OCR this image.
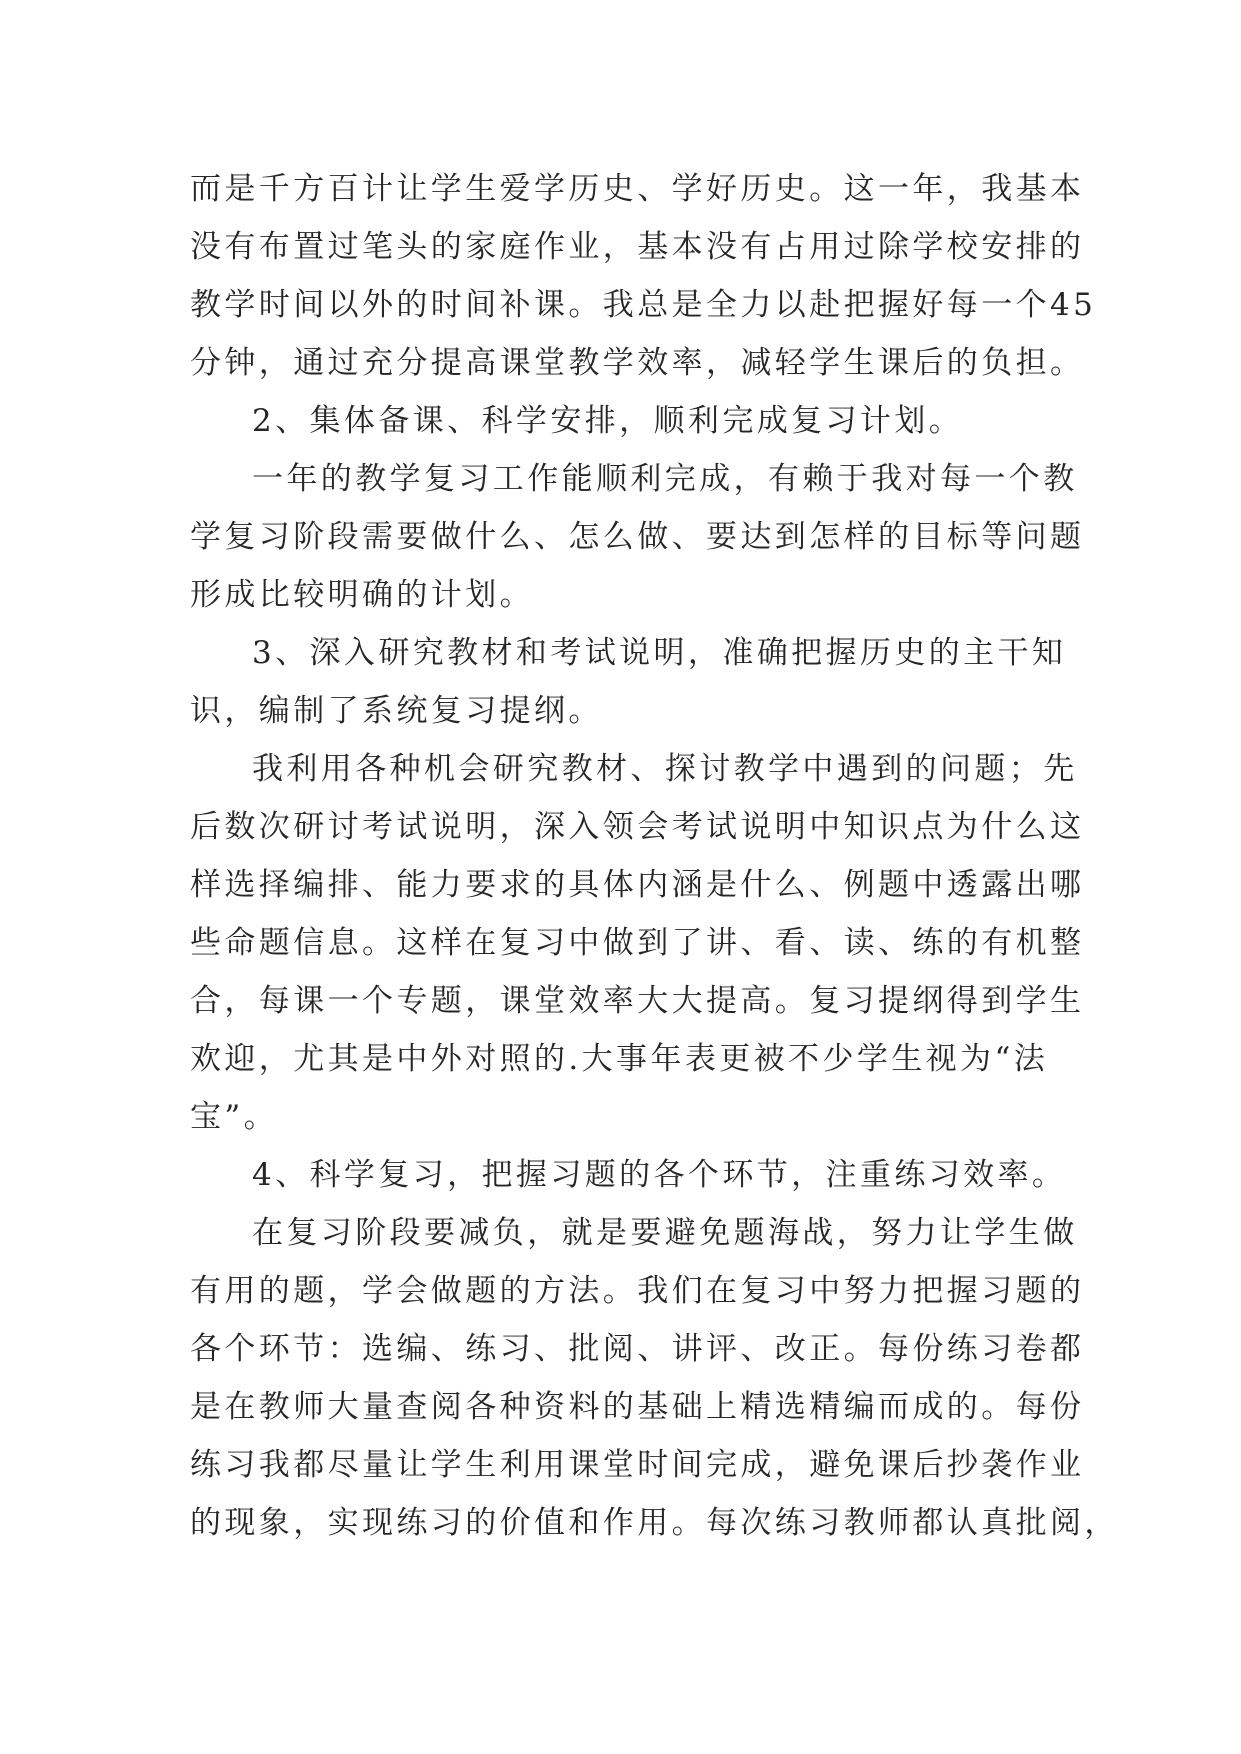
而是千方百计让学生爱学历史、学好历史。这一年，我基本
没有布置过笔头的家庭作业，基本没有占用过除学校安排的
教学时间以外的时间补课。我总是全力以赴把握好每一个45
分钟，通过充分提高课堂教学效率，减轻学生课后的负担。
2、集体备课、科学安排，顺利完成复习计划。
一年的教学复习工作能顺利完成，有赖于我对每一个教
学复习阶段需要做什么、怎么做、要达到怎样的目标等问题
形成比较明确的计划。
3、深入研究教材和考试说明，准确把握历史的主干知
识，编制了系统复习提纲。
我利用各种机会研究教材、探讨教学中遇到的问题；先
后数次研讨考试说明，深入领会考试说明中知识点为什么这
样选择编排、能力要求的具体内涵是什么、例题中透露出哪
些命题信息。这样在复习中做到了讲、看、读、练的有机整
合，每课一个专题，课堂效率大大提高。复习提纲得到学生
欢迎，尤其是中外对照的.大事年表更被不少学生视为“法
宝”。
4、科学复习，把握习题的各个环节，注重练习效率。
在复习阶段要减负，就是要避免题海战，努力让学生做
有用的题，学会做题的方法。我们在复习中努力把握习题的
各个环节：选编、练习、批阅、讲评、改正。每份练习卷都
是在教师大量查阅各种资料的基础上精选精编而成的。每份
练习我都尽量让学生利用课堂时间完成，避免课后抄袭作业
的现象，实现练习的价值和作用。每次练习教师都认真批阅，
